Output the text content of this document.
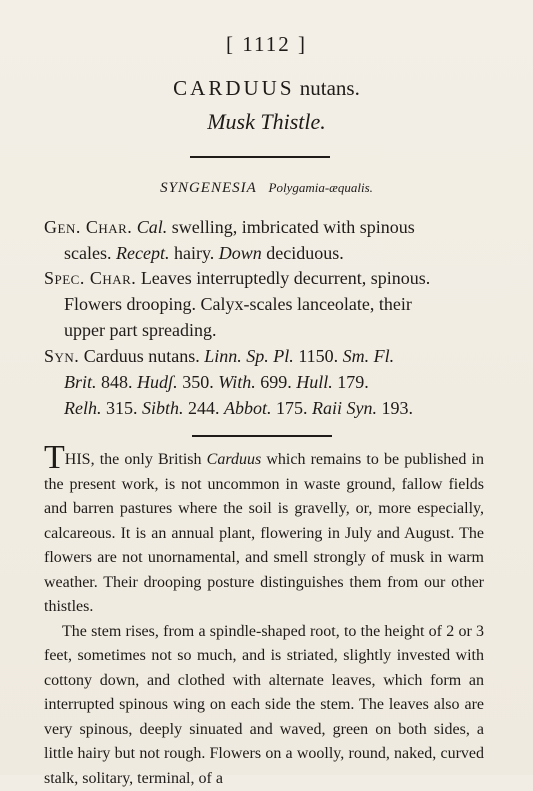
[ 1112 ]
CARDUUS nutans.
Musk Thistle.
SYNGENESIA Polygamia-æqualis.
Gen. Char. Cal. swelling, imbricated with spinous
scales. Recept. hairy. Down deciduous.
Spec. Char. Leaves interruptedly decurrent, spinous.
Flowers drooping. Calyx-scales lanceolate, their
upper part spreading.
Syn. Carduus nutans. Linn. Sp. Pl. 1150. Sm. Fl.
Brit. 848. Hudʃ. 350. With. 699. Hull. 179.
Relh. 315. Sibth. 244. Abbot. 175. Raii Syn. 193.

THIS, the only British Carduus which remains to be published in the present work, is not uncommon in waste ground, fallow fields and barren pastures where the soil is gravelly, or, more especially, calcareous. It is an annual plant, flowering in July and August. The flowers are not unornamental, and smell strongly of musk in warm weather. Their drooping posture distinguishes them from our other thistles.

The stem rises, from a spindle-shaped root, to the height of 2 or 3 feet, sometimes not so much, and is striated, slightly invested with cottony down, and clothed with alternate leaves, which form an interrupted spinous wing on each side the stem. The leaves also are very spinous, deeply sinuated and waved, green on both sides, a little hairy but not rough. Flowers on a woolly, round, naked, curved stalk, solitary, terminal, of a
